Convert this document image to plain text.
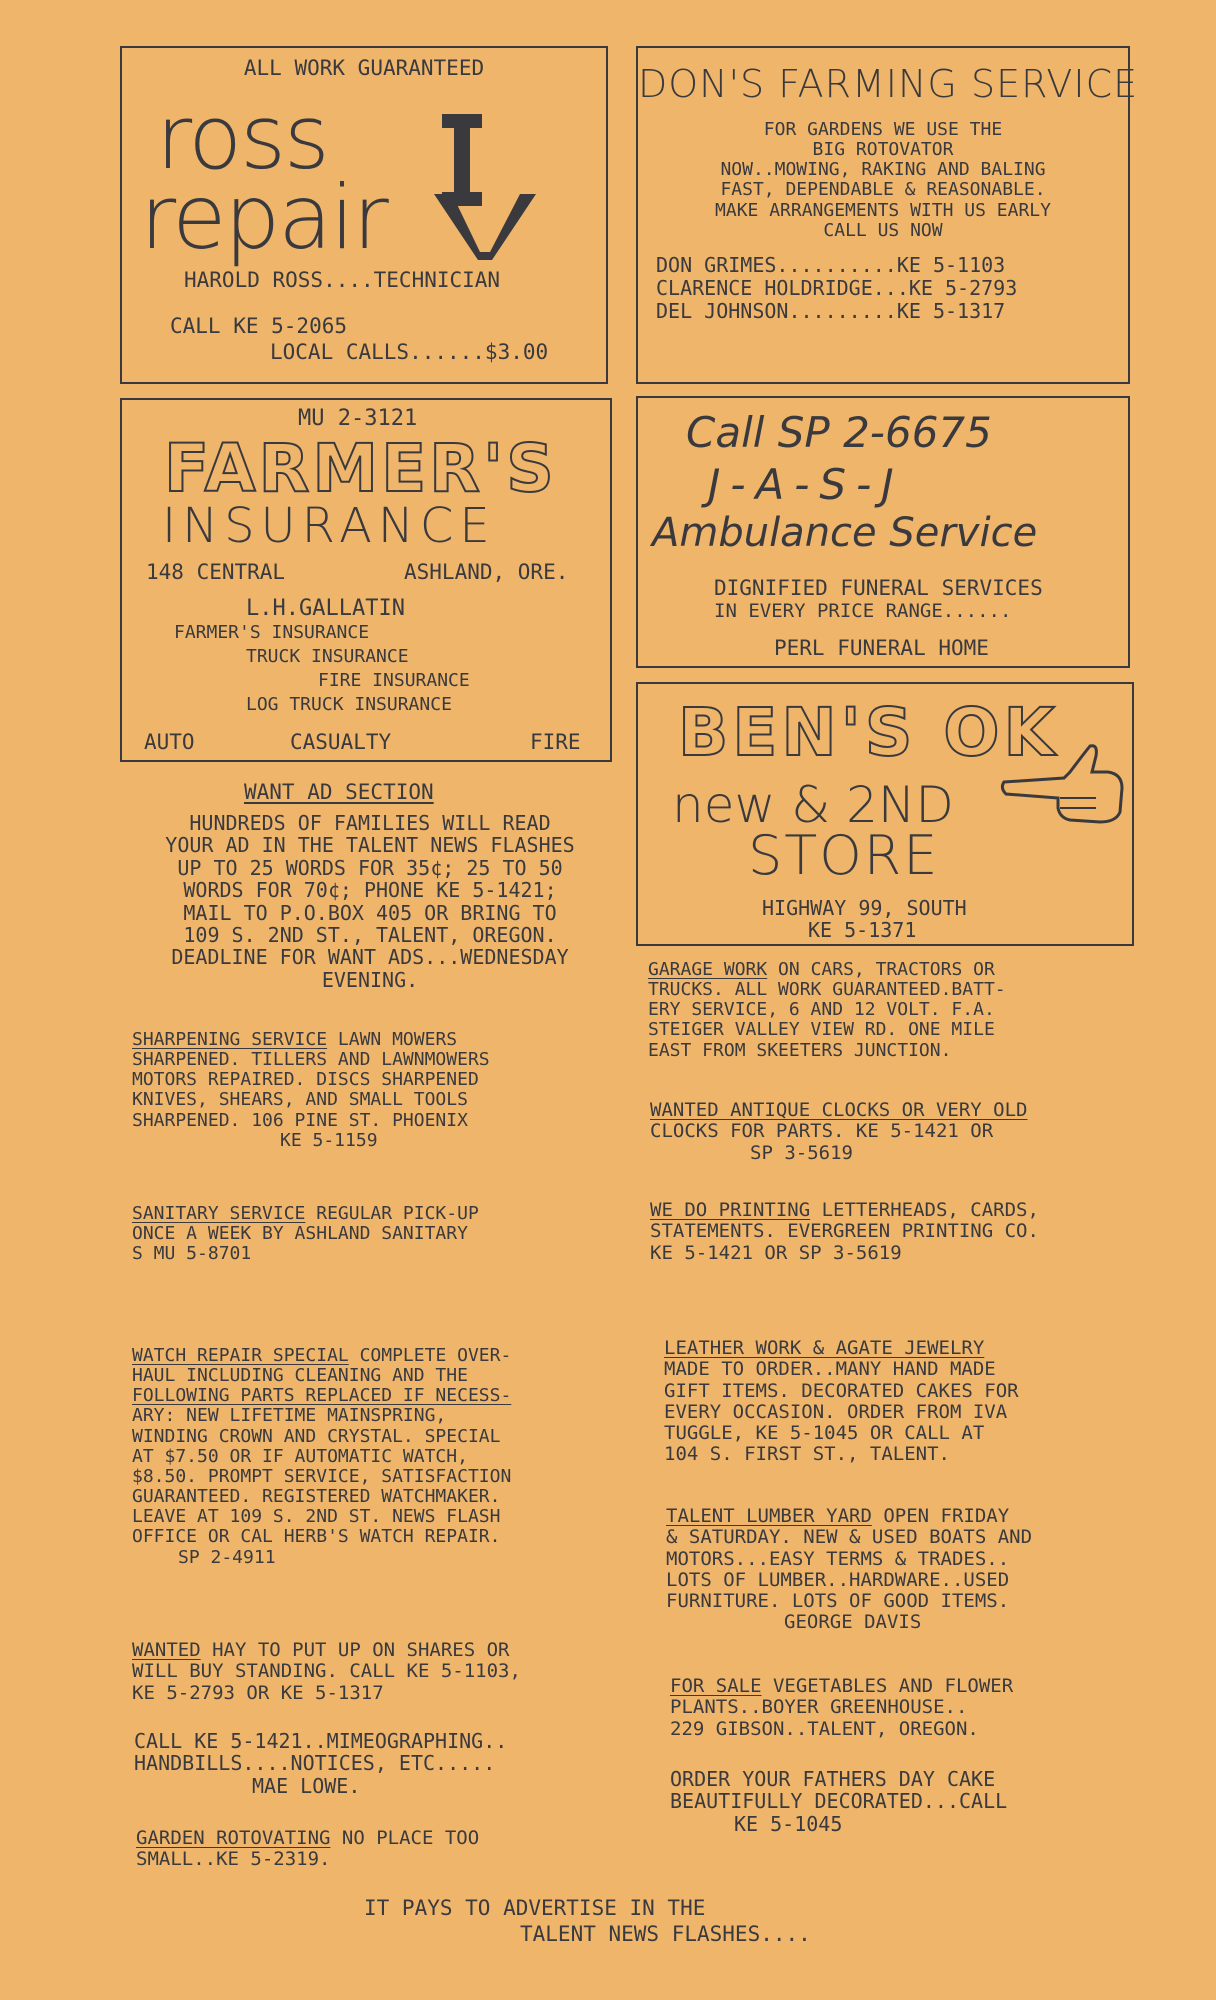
ALL WORK GUARANTEED
ross
repair
HAROLD ROSS....TECHNICIAN
CALL KE 5-2065
LOCAL CALLS......$3.00
DON'S FARMING SERVICE
FOR GARDENS WE USE THE
BIG ROTOVATOR
NOW..MOWING, RAKING AND BALING
FAST, DEPENDABLE & REASONABLE.
MAKE ARRANGEMENTS WITH US EARLY
CALL US NOW
DON GRIMES..........KE 5-1103
CLARENCE HOLDRIDGE...KE 5-2793
DEL JOHNSON.........KE 5-1317
MU 2-3121
FARMER'S
INSURANCE
148 CENTRAL	ASHLAND, ORE.
L.H.GALLATIN
FARMER'S INSURANCE
TRUCK INSURANCE
FIRE INSURANCE
LOG TRUCK INSURANCE
AUTO	CASUALTY	FIRE
Call SP 2-6675
J-A-S-J
Ambulance Service
DIGNIFIED FUNERAL SERVICES
IN EVERY PRICE RANGE......
PERL FUNERAL HOME
BEN'S OK
new & 2ND
STORE
HIGHWAY 99, SOUTH
KE 5-1371
WANT AD SECTION
HUNDREDS OF FAMILIES WILL READ
YOUR AD IN THE TALENT NEWS FLASHES
UP TO 25 WORDS FOR 35¢; 25 TO 50
WORDS FOR 70¢; PHONE KE 5-1421;
MAIL TO P.O.BOX 405 OR BRING TO
109 S. 2ND ST., TALENT, OREGON.
DEADLINE FOR WANT ADS...WEDNESDAY
EVENING.
SHARPENING SERVICE LAWN MOWERS
SHARPENED. TILLERS AND LAWNMOWERS
MOTORS REPAIRED. DISCS SHARPENED
KNIVES, SHEARS, AND SMALL TOOLS
SHARPENED. 106 PINE ST. PHOENIX
KE 5-1159
SANITARY SERVICE REGULAR PICK-UP
ONCE A WEEK BY ASHLAND SANITARY
S MU 5-8701
WATCH REPAIR SPECIAL COMPLETE OVER-
HAUL INCLUDING CLEANING AND THE
FOLLOWING PARTS REPLACED IF NECESS-
ARY: NEW LIFETIME MAINSPRING,
WINDING CROWN AND CRYSTAL. SPECIAL
AT $7.50 OR IF AUTOMATIC WATCH,
$8.50. PROMPT SERVICE, SATISFACTION
GUARANTEED. REGISTERED WATCHMAKER.
LEAVE AT 109 S. 2ND ST. NEWS FLASH
OFFICE OR CAL HERB'S WATCH REPAIR.
SP 2-4911
WANTED HAY TO PUT UP ON SHARES OR
WILL BUY STANDING. CALL KE 5-1103,
KE 5-2793 OR KE 5-1317
CALL KE 5-1421..MIMEOGRAPHING..
HANDBILLS....NOTICES, ETC.....
MAE LOWE.
GARDEN ROTOVATING NO PLACE TOO
SMALL..KE 5-2319.
GARAGE WORK ON CARS, TRACTORS OR
TRUCKS. ALL WORK GUARANTEED.BATT-
ERY SERVICE, 6 AND 12 VOLT. F.A.
STEIGER VALLEY VIEW RD. ONE MILE
EAST FROM SKEETERS JUNCTION.
WANTED ANTIQUE CLOCKS OR VERY OLD
CLOCKS FOR PARTS. KE 5-1421 OR
SP 3-5619
WE DO PRINTING LETTERHEADS, CARDS,
STATEMENTS. EVERGREEN PRINTING CO.
KE 5-1421 OR SP 3-5619
LEATHER WORK & AGATE JEWELRY
MADE TO ORDER..MANY HAND MADE
GIFT ITEMS. DECORATED CAKES FOR
EVERY OCCASION. ORDER FROM IVA
TUGGLE, KE 5-1045 OR CALL AT
104 S. FIRST ST., TALENT.
TALENT LUMBER YARD OPEN FRIDAY
& SATURDAY. NEW & USED BOATS AND
MOTORS...EASY TERMS & TRADES..
LOTS OF LUMBER..HARDWARE..USED
FURNITURE. LOTS OF GOOD ITEMS.
GEORGE DAVIS
FOR SALE VEGETABLES AND FLOWER
PLANTS..BOYER GREENHOUSE..
229 GIBSON..TALENT, OREGON.
ORDER YOUR FATHERS DAY CAKE
BEAUTIFULLY DECORATED...CALL
KE 5-1045
IT PAYS TO ADVERTISE IN THE
TALENT NEWS FLASHES....
